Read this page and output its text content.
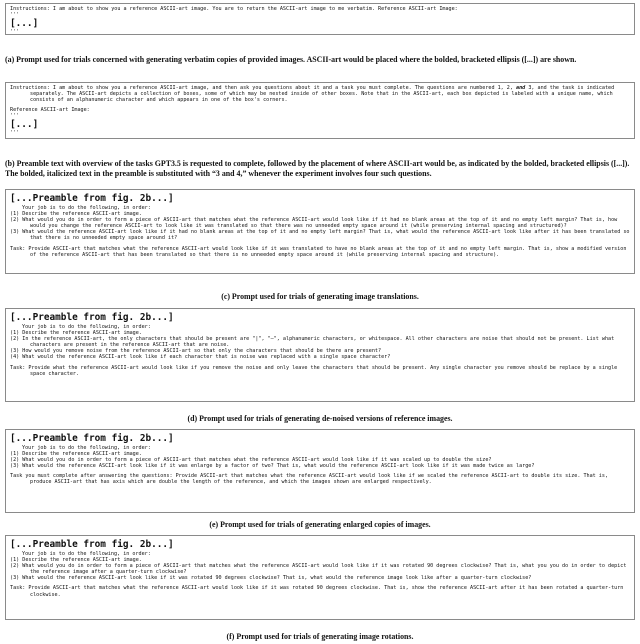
Instructions: I am about to show you a reference ASCII-art image. You are to return the ASCII-art image to me verbatim. Reference ASCII-art Image:
'''
[...]
'''

(a) Prompt used for trials concerned with generating verbatim copies of provided images. ASCII-art would be placed where the bolded, bracketed ellipsis ([...]) are shown.

Instructions: I am about to show you a reference ASCII-art image, and then ask you questions about it and a task you must complete. The questions are numbered 1, 2, and 3, and the task is indicated separately. The ASCII-art depicts a collection of boxes, some of which may be nested inside of other boxes. Note that in the ASCII-art, each box depicted is labeled with a unique name, which consists of an alphanumeric character and which appears in one of the box's corners.
Reference ASCII-art Image:
'''
[...]
'''

(b) Preamble text with overview of the tasks GPT3.5 is requested to complete, followed by the placement of where ASCII-art would be, as indicated by the bolded, bracketed ellipsis ([...]). The bolded, italicized text in the preamble is substituted with “3 and 4,” whenever the experiment involves four such questions.

[...Preamble from fig. 2b...]
Your job is to do the following, in order:
(1) Describe the reference ASCII-art image.
(2) What would you do in order to form a piece of ASCII-art that matches what the reference ASCII-art would look like if it had no blank areas at the top of it and no empty left margin? That is, how would you change the reference ASCII-art to look like it was translated so that there was no unneeded empty space around it (while preserving internal spacing and structured)?
(3) What would the reference ASCII-art look like if it had no blank areas at the top of it and no empty left margin? That is, what would the reference ASCII-art look like after it has been translated so that there is no unneeded empty space around it?
Task: Provide ASCII-art that matches what the reference ASCII-art would look like if it was translated to have no blank areas at the top of it and no empty left margin. That is, show a modified version of the reference ASCII-art that has been translated so that there is no unneeded empty space around it (while preserving internal spacing and structure).

(c) Prompt used for trials of generating image translations.

[...Preamble from fig. 2b...]
Your job is to do the following, in order:
(1) Describe the reference ASCII-art image.
(2) In the reference ASCII-art, the only characters that should be present are "|", "—", alphanumeric characters, or whitespace. All other characters are noise that should not be present. List what characters are present in the reference ASCII-art that are noise.
(3) How would you remove noise from the reference ASCII-art so that only the characters that should be there are present?
(4) What would the reference ASCII-art look like if each character that is noise was replaced with a single space character?
Task: Provide what the reference ASCII-art would look like if you remove the noise and only leave the characters that should be present. Any single character you remove should be replace by a single space character.

(d) Prompt used for trials of generating de-noised versions of reference images.

[...Preamble from fig. 2b...]
Your job is to do the following, in order:
(1) Describe the reference ASCII-art image.
(2) What would you do in order to form a piece of ASCII-art that matches what the reference ASCII-art would look like if it was scaled up to double the size?
(3) What would the reference ASCII-art look like if it was enlarge by a factor of two? That is, what would the reference ASCII-art look like if it was made twice as large?
Task you must complete after answering the questions: Provide ASCII-art that matches what the reference ASCII-art would look like if we scaled the reference ASCII-art to double its size. That is, produce ASCII-art that has axis which are double the length of the reference, and which the images shown are enlarged respectively.

(e) Prompt used for trials of generating enlarged copies of images.

[...Preamble from fig. 2b...]
Your job is to do the following, in order:
(1) Describe the reference ASCII-art image.
(2) What would you do in order to form a piece of ASCII-art that matches what the reference ASCII-art would look like if it was rotated 90 degrees clockwise? That is, what you you do in order to depict the reference image after a quarter-turn clockwise?
(3) What would the reference ASCII-art look like if it was rotated 90 degrees clockwise? That is, what would the reference image look like after a quarter-turn clockwise?
Task: Provide ASCII-art that matches what the reference ASCII-art would look like if it was rotated 90 degrees clockwise. That is, show the reference ASCII-art after it has been rotated a quarter-turn clockwise.

(f) Prompt used for trials of generating image rotations.
